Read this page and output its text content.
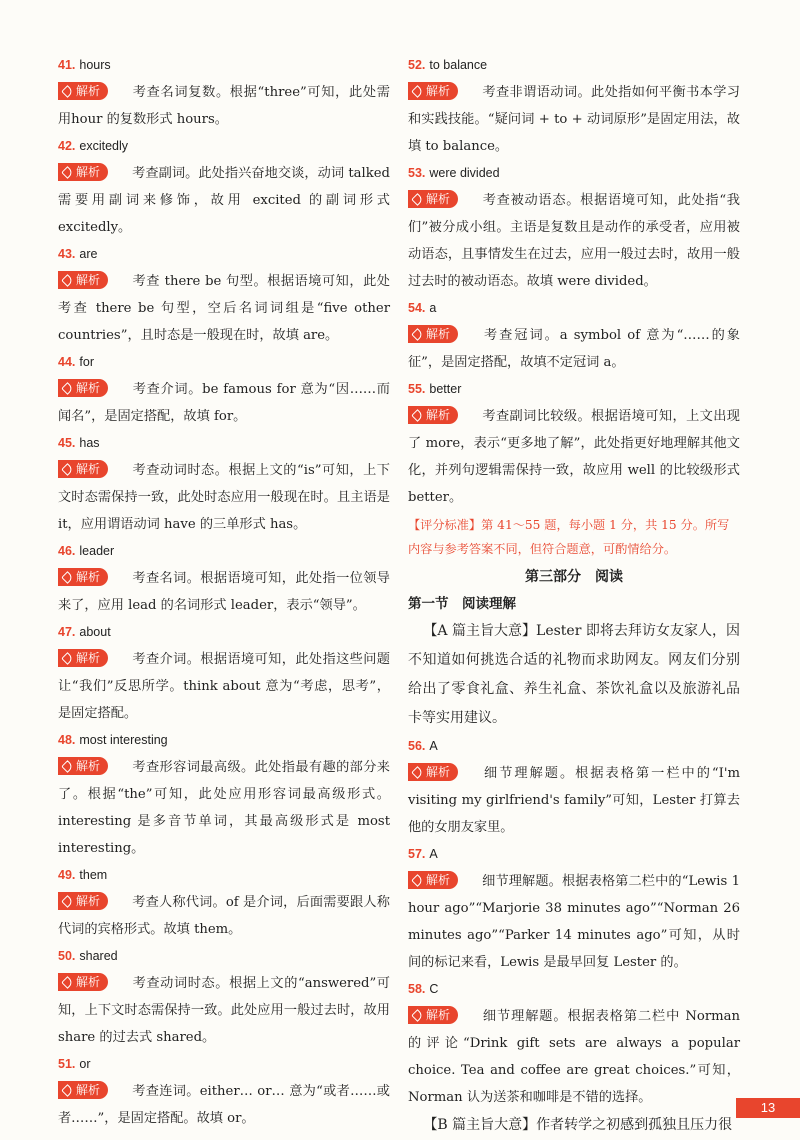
41. hours

解析 考查名词复数。根据“three”可知，此处需用hour 的复数形式 hours。

42. excitedly

解析 考查副词。此处指兴奋地交谈，动词 talked 需要用副词来修饰，故用 excited 的副词形式 excitedly。

43. are

解析 考查 there be 句型。根据语境可知，此处考查 there be 句型，空后名词词组是“five other countries”，且时态是一般现在时，故填 are。

44. for

解析 考查介词。be famous for 意为“因……而闻名”，是固定搭配，故填 for。

45. has

解析 考查动词时态。根据上文的“is”可知，上下文时态需保持一致，此处时态应用一般现在时。且主语是 it，应用谓语动词 have 的三单形式 has。

46. leader

解析 考查名词。根据语境可知，此处指一位领导来了，应用 lead 的名词形式 leader，表示“领导”。

47. about

解析 考查介词。根据语境可知，此处指这些问题让“我们”反思所学。think about 意为“考虑，思考”，是固定搭配。

48. most interesting

解析 考查形容词最高级。此处指最有趣的部分来了。根据“the”可知，此处应用形容词最高级形式。interesting 是多音节单词，其最高级形式是 most interesting。

49. them

解析 考查人称代词。of 是介词，后面需要跟人称代词的宾格形式。故填 them。

50. shared

解析 考查动词时态。根据上文的“answered”可知，上下文时态需保持一致。此处应用一般过去时，故用 share 的过去式 shared。

51. or

解析 考查连词。either… or… 意为“或者……或者……”，是固定搭配。故填 or。

52. to balance

解析 考查非谓语动词。此处指如何平衡书本学习和实践技能。“疑问词 + to + 动词原形”是固定用法，故填 to balance。

53. were divided

解析 考查被动语态。根据语境可知，此处指“我们”被分成小组。主语是复数且是动作的承受者，应用被动语态，且事情发生在过去，应用一般过去时，故用一般过去时的被动语态。故填 were divided。

54. a

解析 考查冠词。a symbol of 意为“……的象征”，是固定搭配，故填不定冠词 a。

55. better

解析 考查副词比较级。根据语境可知，上文出现了 more，表示“更多地了解”，此处指更好地理解其他文化，并列句逻辑需保持一致，故应用 well 的比较级形式 better。

【评分标准】第 41～55 题，每小题 1 分，共 15 分。所写内容与参考答案不同，但符合题意，可酌情给分。

第三部分　阅读
第一节　阅读理解

【A 篇主旨大意】Lester 即将去拜访女友家人，因不知道如何挑选合适的礼物而求助网友。网友们分别给出了零食礼盒、养生礼盒、茶饮礼盒以及旅游礼品卡等实用建议。

56. A

解析 细节理解题。根据表格第一栏中的“I'm visiting my girlfriend's family”可知，Lester 打算去他的女朋友家里。

57. A

解析 细节理解题。根据表格第二栏中的“Lewis 1 hour ago”“Marjorie 38 minutes ago”“Norman 26 minutes ago”“Parker 14 minutes ago”可知，从时间的标记来看，Lewis 是最早回复 Lester 的。

58. C

解析 细节理解题。根据表格第二栏中 Norman 的评论“Drink gift sets are always a popular choice. Tea and coffee are great choices.”可知，Norman 认为送茶和咖啡是不错的选择。

【B 篇主旨大意】作者转学之初感到孤独且压力很

13
